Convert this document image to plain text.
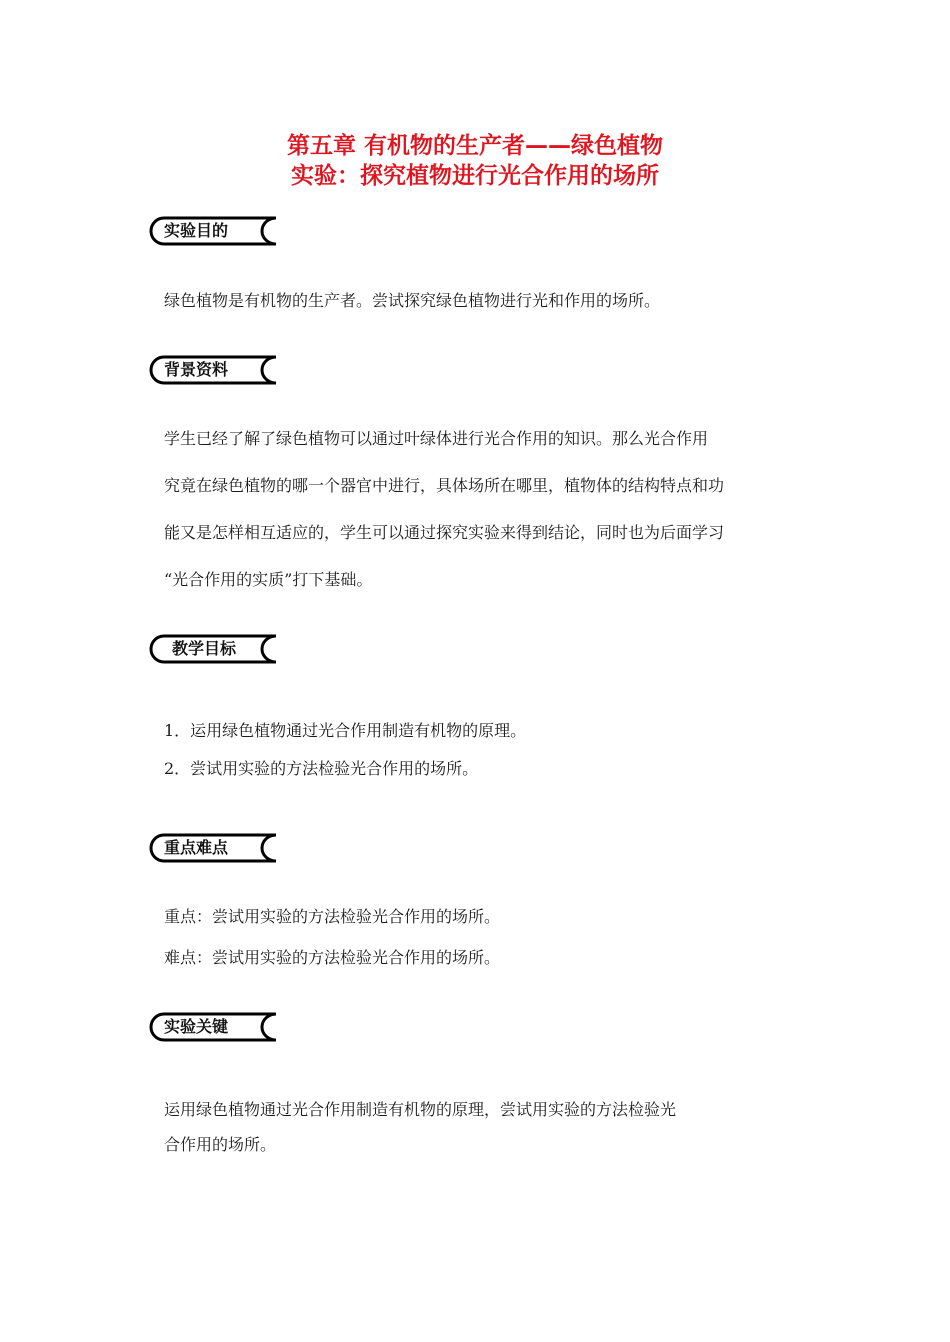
第五章 有机物的生产者——绿色植物
实验：探究植物进行光合作用的场所
实验目的

绿色植物是有机物的生产者。尝试探究绿色植物进行光和作用的场所。

背景资料
学生已经了解了绿色植物可以通过叶绿体进行光合作用的知识。那么光合作用
究竟在绿色植物的哪一个器官中进行，具体场所在哪里，植物体的结构特点和功
能又是怎样相互适应的，学生可以通过探究实验来得到结论，同时也为后面学习
“光合作用的实质”打下基础。
教学目标
1．运用绿色植物通过光合作用制造有机物的原理。
2．尝试用实验的方法检验光合作用的场所。
重点难点
重点：尝试用实验的方法检验光合作用的场所。
难点：尝试用实验的方法检验光合作用的场所。
实验关键
运用绿色植物通过光合作用制造有机物的原理，尝试用实验的方法检验光
合作用的场所。
